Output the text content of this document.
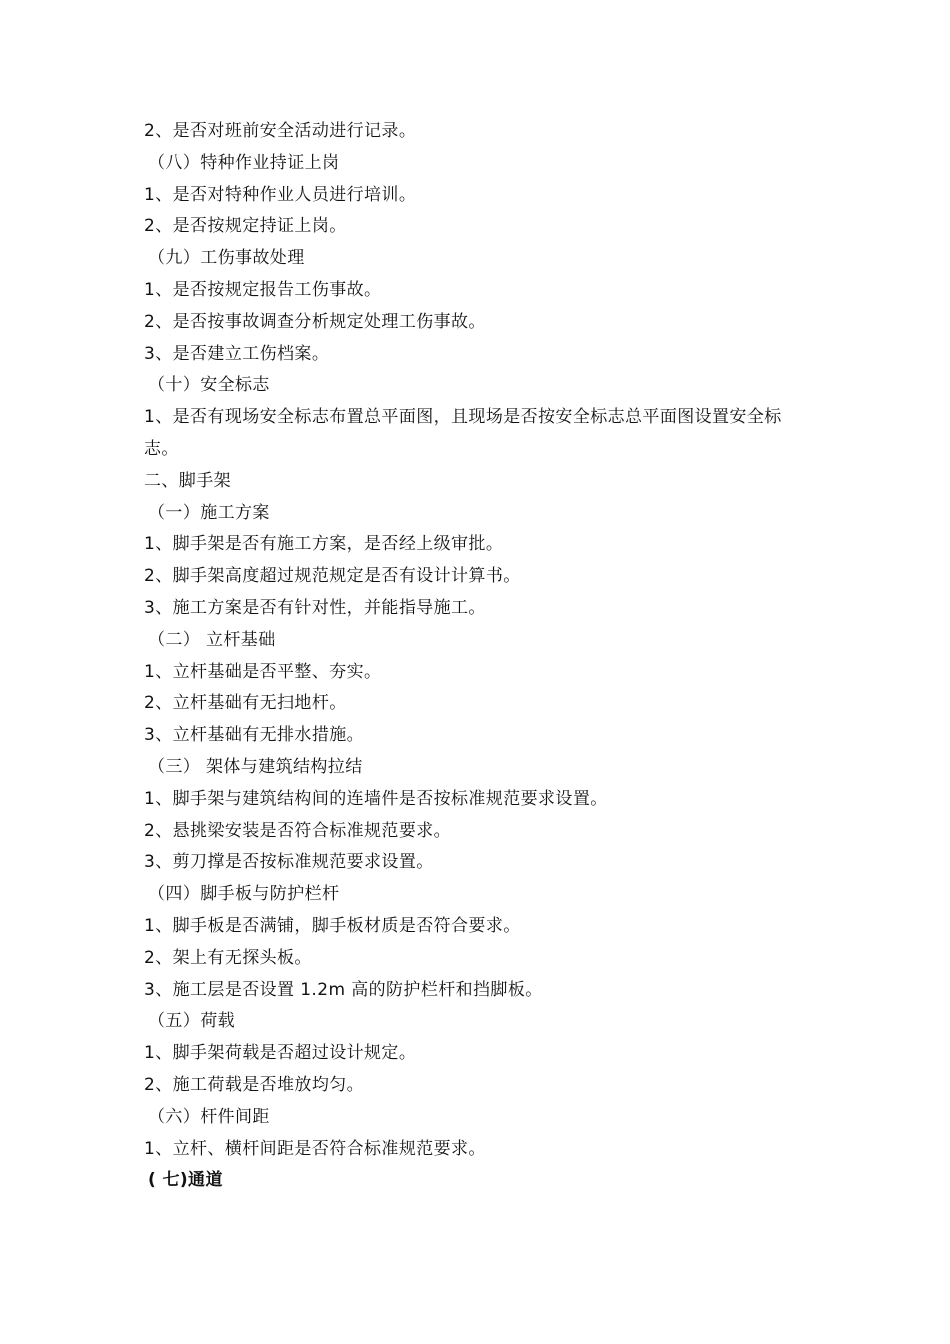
2、是否对班前安全活动进行记录。
（八）特种作业持证上岗
1、是否对特种作业人员进行培训。
2、是否按规定持证上岗。
（九）工伤事故处理
1、是否按规定报告工伤事故。
2、是否按事故调查分析规定处理工伤事故。
3、是否建立工伤档案。
（十）安全标志
1、是否有现场安全标志布置总平面图，且现场是否按安全标志总平面图设置安全标志。
二、脚手架
（一）施工方案
1、脚手架是否有施工方案，是否经上级审批。
2、脚手架高度超过规范规定是否有设计计算书。
3、施工方案是否有针对性，并能指导施工。
（二） 立杆基础
1、立杆基础是否平整、夯实。
2、立杆基础有无扫地杆。
3、立杆基础有无排水措施。
（三） 架体与建筑结构拉结
1、脚手架与建筑结构间的连墙件是否按标准规范要求设置。
2、悬挑梁安装是否符合标准规范要求。
3、剪刀撑是否按标准规范要求设置。
（四）脚手板与防护栏杆
1、脚手板是否满铺，脚手板材质是否符合要求。
2、架上有无探头板。
3、施工层是否设置 1.2m 高的防护栏杆和挡脚板。
（五）荷载
1、脚手架荷载是否超过设计规定。
2、施工荷载是否堆放均匀。
（六）杆件间距
1、立杆、横杆间距是否符合标准规范要求。
( 七)通道
